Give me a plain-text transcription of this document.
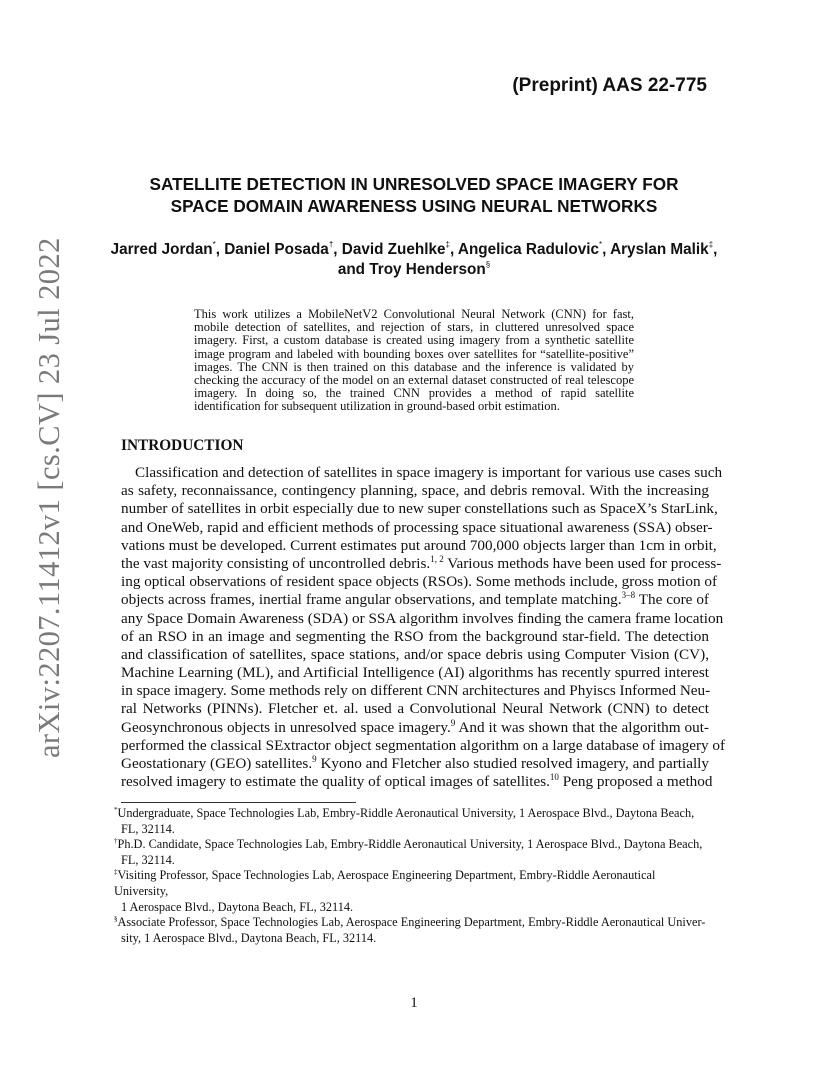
arXiv:2207.11412v1 [cs.CV] 23 Jul 2022
(Preprint) AAS 22-775
SATELLITE DETECTION IN UNRESOLVED SPACE IMAGERY FOR
SPACE DOMAIN AWARENESS USING NEURAL NETWORKS
Jarred Jordan*, Daniel Posada†, David Zuehlke‡, Angelica Radulovic*, Aryslan Malik‡, and Troy Henderson§
This work utilizes a MobileNetV2 Convolutional Neural Network (CNN) for fast, mobile detection of satellites, and rejection of stars, in cluttered unresolved space imagery. First, a custom database is created using imagery from a synthetic satellite image program and labeled with bounding boxes over satellites for “satellite-positive” images. The CNN is then trained on this database and the inference is validated by checking the accuracy of the model on an external dataset constructed of real telescope imagery. In doing so, the trained CNN provides a method of rapid satellite identification for subsequent utilization in ground-based orbit estimation.
INTRODUCTION
Classification and detection of satellites in space imagery is important for various use cases such
as safety, reconnaissance, contingency planning, space, and debris removal. With the increasing
number of satellites in orbit especially due to new super constellations such as SpaceX’s StarLink,
and OneWeb, rapid and efficient methods of processing space situational awareness (SSA) obser-
vations must be developed. Current estimates put around 700,000 objects larger than 1cm in orbit,
the vast majority consisting of uncontrolled debris.$^{1, 2}$ Various methods have been used for process-
ing optical observations of resident space objects (RSOs). Some methods include, gross motion of
objects across frames, inertial frame angular observations, and template matching.$^{3-8}$ The core of
any Space Domain Awareness (SDA) or SSA algorithm involves finding the camera frame location
of an RSO in an image and segmenting the RSO from the background star-field. The detection
and classification of satellites, space stations, and/or space debris using Computer Vision (CV),
Machine Learning (ML), and Artificial Intelligence (AI) algorithms has recently spurred interest
in space imagery. Some methods rely on different CNN architectures and Phyiscs Informed Neu-
ral Networks (PINNs). Fletcher et. al. used a Convolutional Neural Network (CNN) to detect
Geosynchronous objects in unresolved space imagery.$^9$ And it was shown that the algorithm out-
performed the classical SExtractor object segmentation algorithm on a large database of imagery of
Geostationary (GEO) satellites.$^9$ Kyono and Fletcher also studied resolved imagery, and partially
resolved imagery to estimate the quality of optical images of satellites.$^{10}$ Peng proposed a method
*Undergraduate, Space Technologies Lab, Embry-Riddle Aeronautical University, 1 Aerospace Blvd., Daytona Beach,
FL, 32114.
†Ph.D. Candidate, Space Technologies Lab, Embry-Riddle Aeronautical University, 1 Aerospace Blvd., Daytona Beach,
FL, 32114.
‡Visiting Professor, Space Technologies Lab, Aerospace Engineering Department, Embry-Riddle Aeronautical University,
1 Aerospace Blvd., Daytona Beach, FL, 32114.
§Associate Professor, Space Technologies Lab, Aerospace Engineering Department, Embry-Riddle Aeronautical Univer-
sity, 1 Aerospace Blvd., Daytona Beach, FL, 32114.
1
